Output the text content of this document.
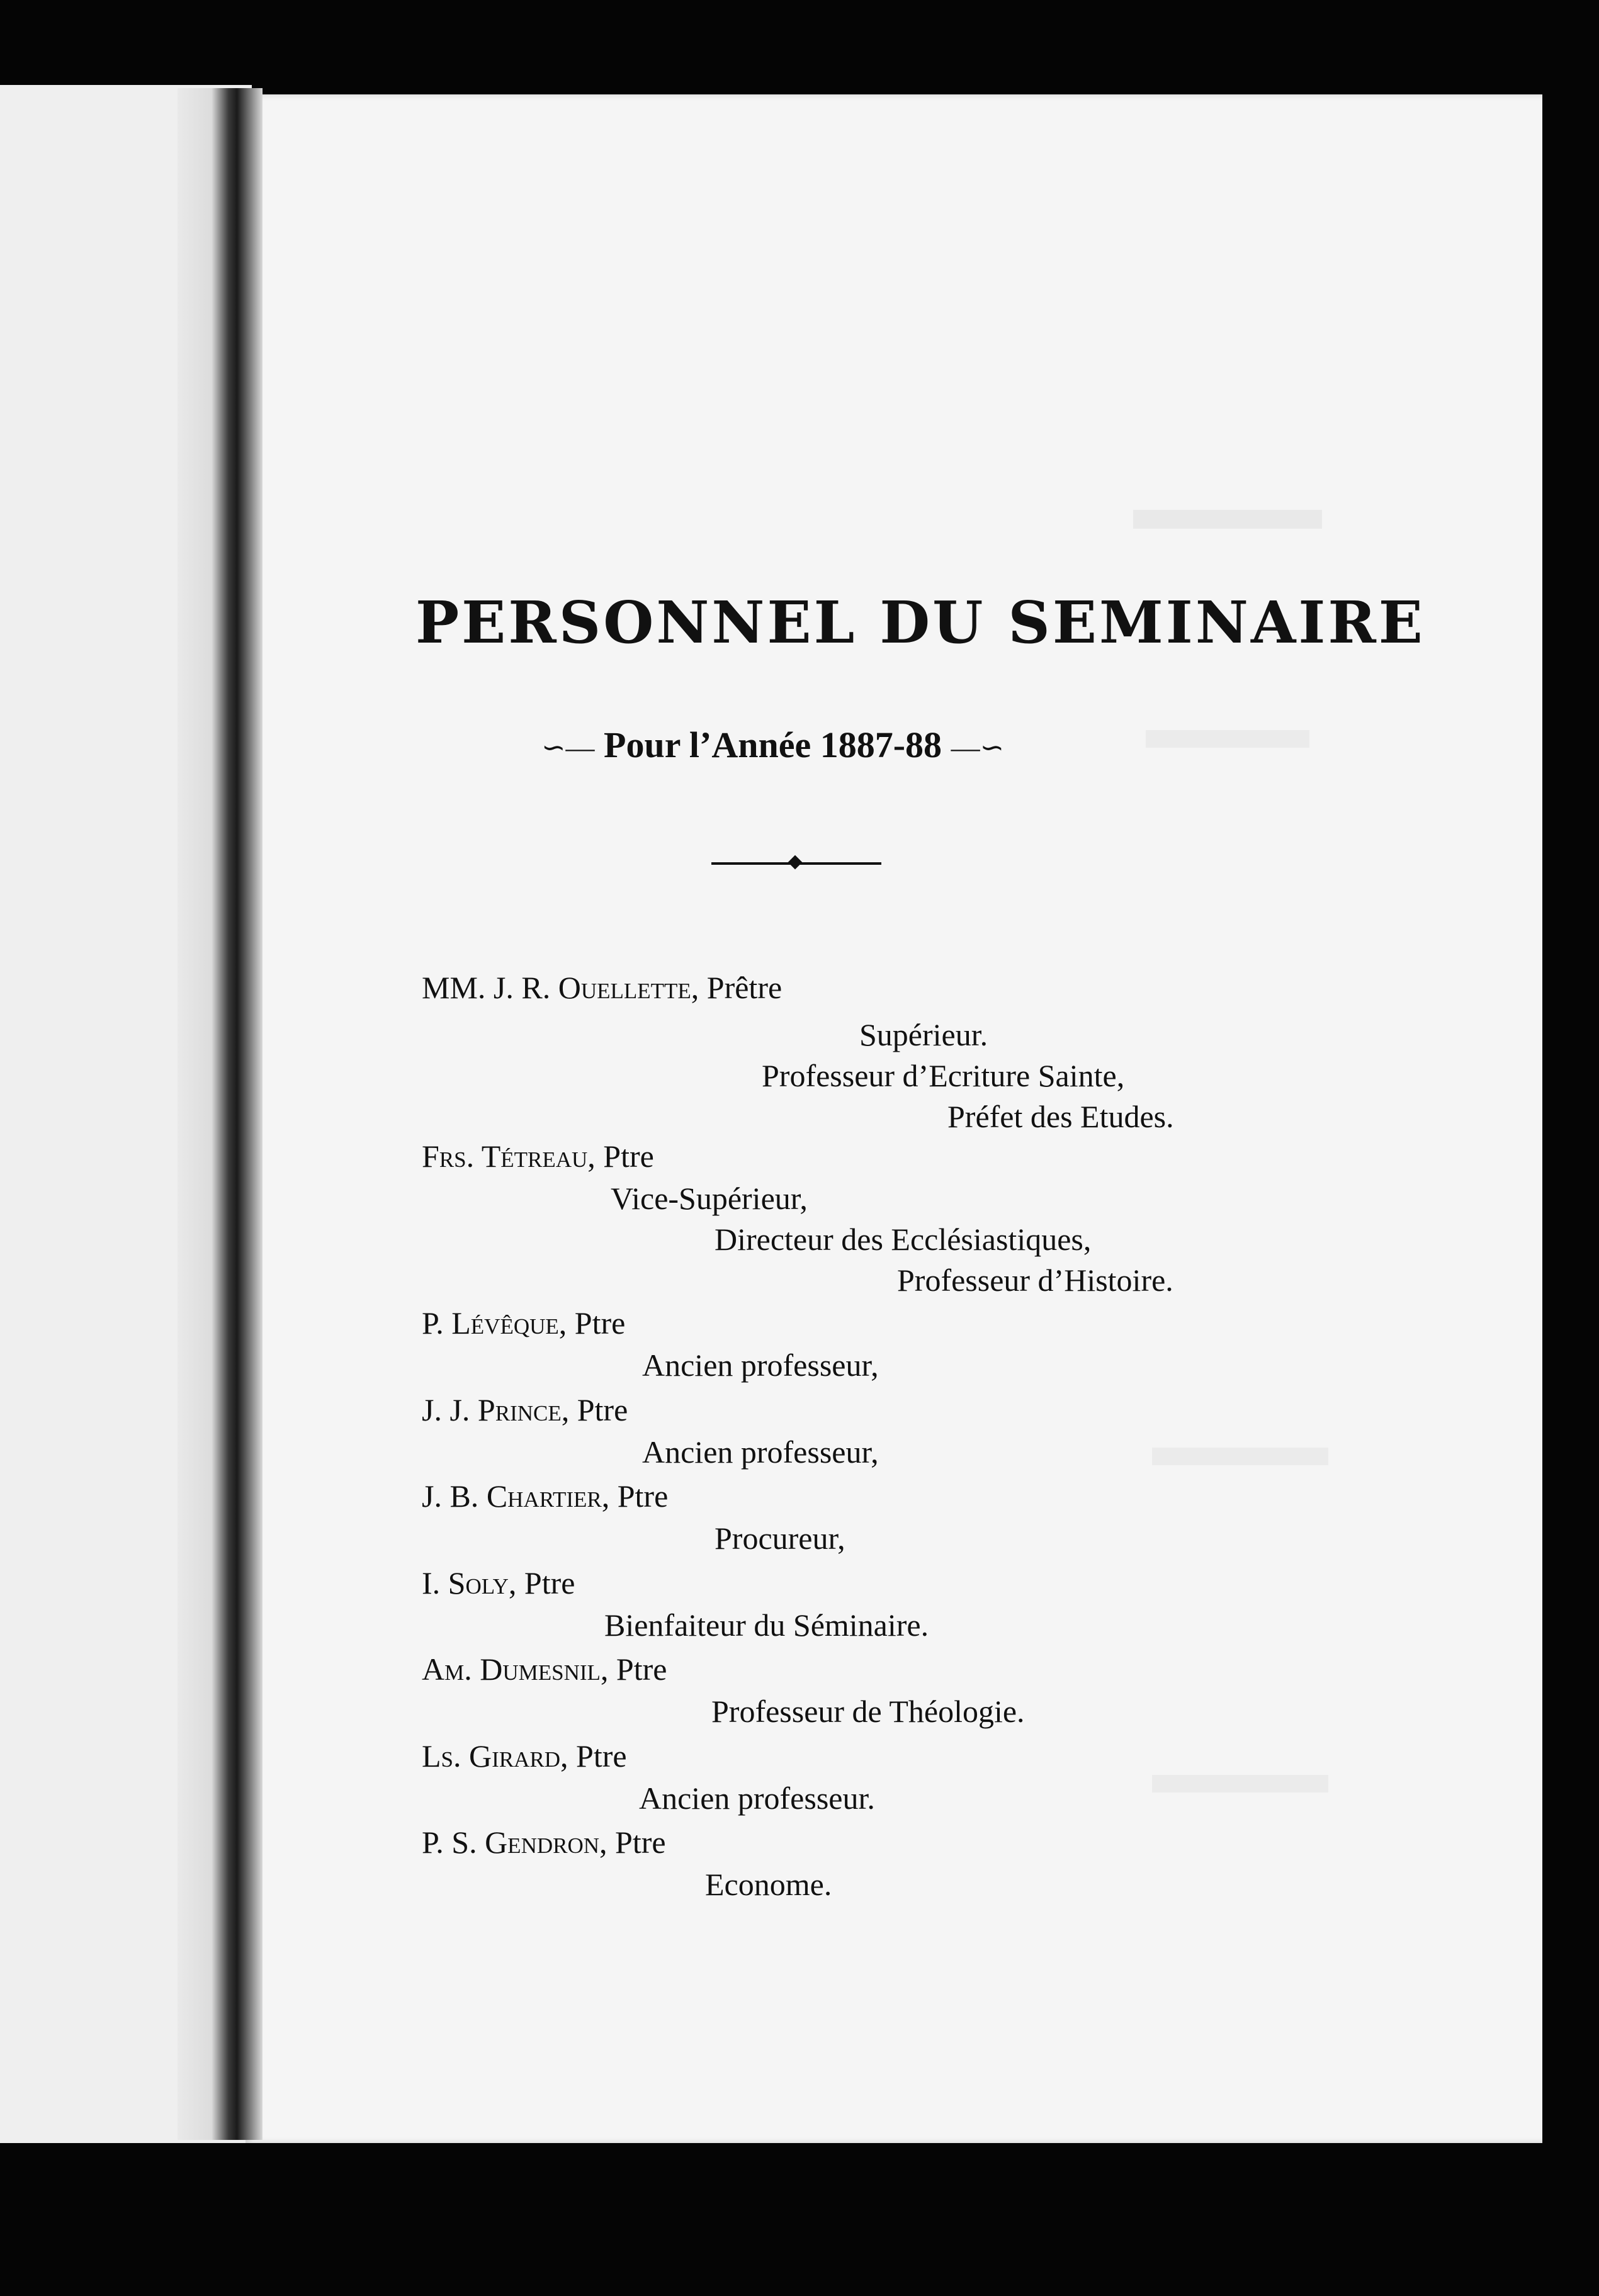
PERSONNEL DU SEMINAIRE
∽— Pour l’Année 1887-88 —∽
MM. J. R. Ouellette, Prêtre
Supérieur.
Professeur d’Ecriture Sainte,
Préfet des Etudes.
Frs. Tétreau, Ptre
Vice-Supérieur,
Directeur des Ecclésiastiques,
Professeur d’Histoire.
P. Lévêque, Ptre
Ancien professeur,
J. J. Prince, Ptre
Ancien professeur,
J. B. Chartier, Ptre
Procureur,
I. Soly, Ptre
Bienfaiteur du Séminaire.
Am. Dumesnil, Ptre
Professeur de Théologie.
Ls. Girard, Ptre
Ancien professeur.
P. S. Gendron, Ptre
Econome.
